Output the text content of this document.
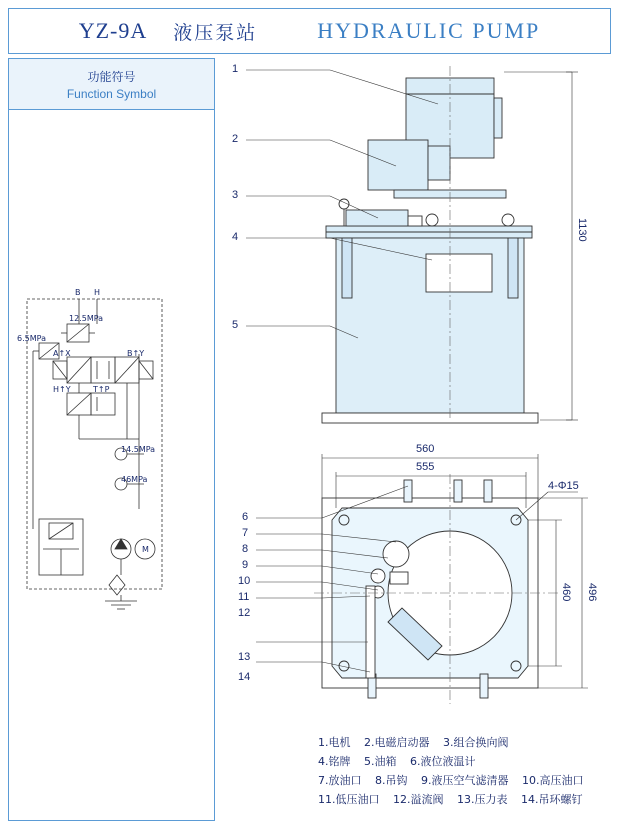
YZ-9A 液压泵站	HYDRAULIC PUMP
功能符号
Function Symbol
B H
12.5MPa
6.5MPa
14.5MPa
46MPa
H↑Y	T↑P
A↑X	B↑Y
M
1
2
3
4
5
1130
6
7
8
9
10
11
12
13
14
560
555
460 496
4-Φ15
1.电机 2.电磁启动器 3.组合换向阀
4.铭牌 5.油箱 6.液位液温计
7.放油口 8.吊钩 9.液压空气滤清器 10.高压油口
11.低压油口 12.溢流阀 13.压力表 14.吊环螺钉
